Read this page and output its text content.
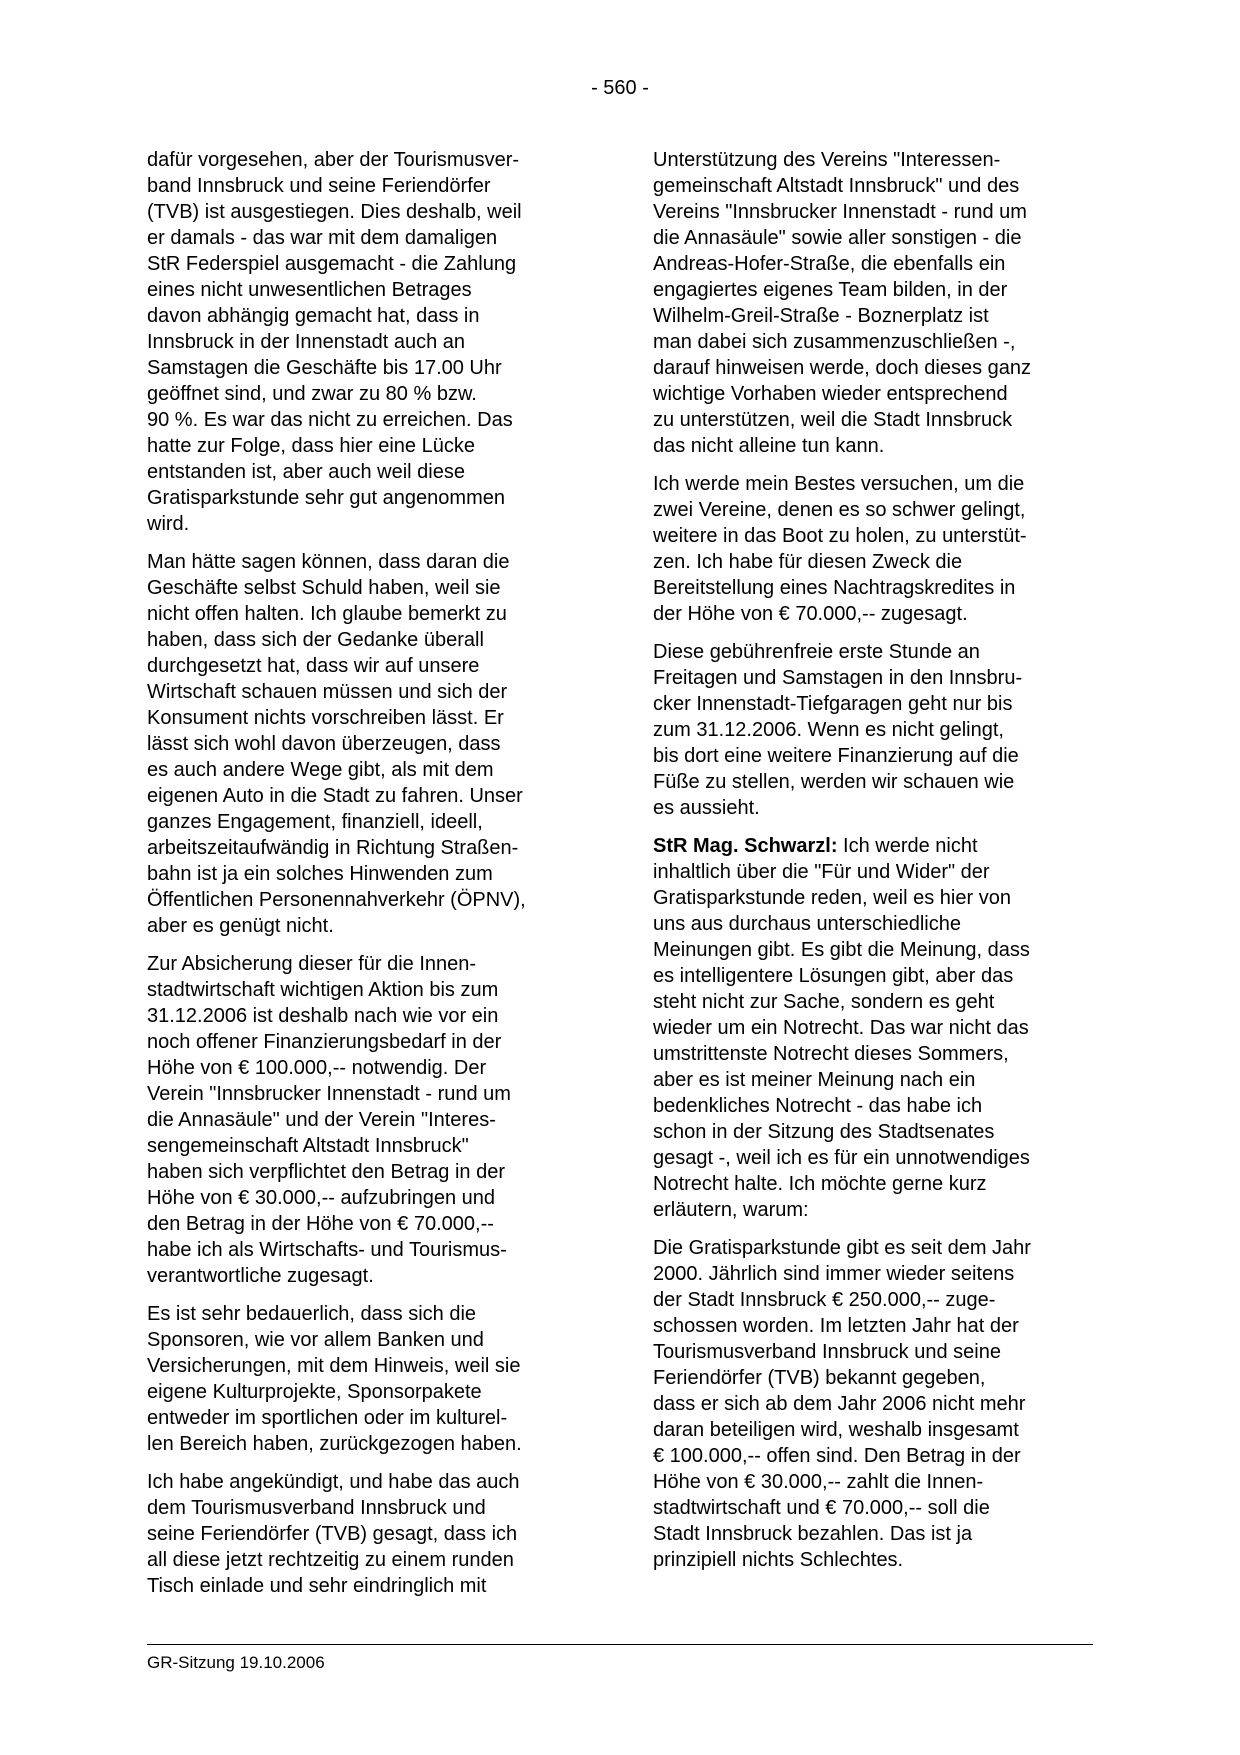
- 560 -

dafür vorgesehen, aber der Tourismusver-
band Innsbruck und seine Feriendörfer
(TVB) ist ausgestiegen. Dies deshalb, weil
er damals - das war mit dem damaligen
StR Federspiel ausgemacht - die Zahlung
eines nicht unwesentlichen Betrages
davon abhängig gemacht hat, dass in
Innsbruck in der Innenstadt auch an
Samstagen die Geschäfte bis 17.00 Uhr
geöffnet sind, und zwar zu 80 % bzw.
90 %. Es war das nicht zu erreichen. Das
hatte zur Folge, dass hier eine Lücke
entstanden ist, aber auch weil diese
Gratisparkstunde sehr gut angenommen
wird.

Man hätte sagen können, dass daran die
Geschäfte selbst Schuld haben, weil sie
nicht offen halten. Ich glaube bemerkt zu
haben, dass sich der Gedanke überall
durchgesetzt hat, dass wir auf unsere
Wirtschaft schauen müssen und sich der
Konsument nichts vorschreiben lässt. Er
lässt sich wohl davon überzeugen, dass
es auch andere Wege gibt, als mit dem
eigenen Auto in die Stadt zu fahren. Unser
ganzes Engagement, finanziell, ideell,
arbeitszeitaufwändig in Richtung Straßen-
bahn ist ja ein solches Hinwenden zum
Öffentlichen Personennahverkehr (ÖPNV),
aber es genügt nicht.

Zur Absicherung dieser für die Innen-
stadtwirtschaft wichtigen Aktion bis zum
31.12.2006 ist deshalb nach wie vor ein
noch offener Finanzierungsbedarf in der
Höhe von € 100.000,-- notwendig. Der
Verein "Innsbrucker Innenstadt - rund um
die Annasäule" und der Verein "Interes-
sengemeinschaft Altstadt Innsbruck"
haben sich verpflichtet den Betrag in der
Höhe von € 30.000,-- aufzubringen und
den Betrag in der Höhe von € 70.000,--
habe ich als Wirtschafts- und Tourismus-
verantwortliche zugesagt.

Es ist sehr bedauerlich, dass sich die
Sponsoren, wie vor allem Banken und
Versicherungen, mit dem Hinweis, weil sie
eigene Kulturprojekte, Sponsorpakete
entweder im sportlichen oder im kulturel-
len Bereich haben, zurückgezogen haben.

Ich habe angekündigt, und habe das auch
dem Tourismusverband Innsbruck und
seine Feriendörfer (TVB) gesagt, dass ich
all diese jetzt rechtzeitig zu einem runden
Tisch einlade und sehr eindringlich mit

Unterstützung des Vereins "Interessen-
gemeinschaft Altstadt Innsbruck" und des
Vereins "Innsbrucker Innenstadt - rund um
die Annasäule" sowie aller sonstigen - die
Andreas-Hofer-Straße, die ebenfalls ein
engagiertes eigenes Team bilden, in der
Wilhelm-Greil-Straße - Boznerplatz ist
man dabei sich zusammenzuschließen -,
darauf hinweisen werde, doch dieses ganz
wichtige Vorhaben wieder entsprechend
zu unterstützen, weil die Stadt Innsbruck
das nicht alleine tun kann.

Ich werde mein Bestes versuchen, um die
zwei Vereine, denen es so schwer gelingt,
weitere in das Boot zu holen, zu unterstüt-
zen. Ich habe für diesen Zweck die
Bereitstellung eines Nachtragskredites in
der Höhe von € 70.000,-- zugesagt.

Diese gebührenfreie erste Stunde an
Freitagen und Samstagen in den Innsbru-
cker Innenstadt-Tiefgaragen geht nur bis
zum 31.12.2006. Wenn es nicht gelingt,
bis dort eine weitere Finanzierung auf die
Füße zu stellen, werden wir schauen wie
es aussieht.

StR Mag. Schwarzl: Ich werde nicht
inhaltlich über die "Für und Wider" der
Gratisparkstunde reden, weil es hier von
uns aus durchaus unterschiedliche
Meinungen gibt. Es gibt die Meinung, dass
es intelligentere Lösungen gibt, aber das
steht nicht zur Sache, sondern es geht
wieder um ein Notrecht. Das war nicht das
umstrittenste Notrecht dieses Sommers,
aber es ist meiner Meinung nach ein
bedenkliches Notrecht - das habe ich
schon in der Sitzung des Stadtsenates
gesagt -, weil ich es für ein unnotwendiges
Notrecht halte. Ich möchte gerne kurz
erläutern, warum:

Die Gratisparkstunde gibt es seit dem Jahr
2000. Jährlich sind immer wieder seitens
der Stadt Innsbruck € 250.000,-- zuge-
schossen worden. Im letzten Jahr hat der
Tourismusverband Innsbruck und seine
Feriendörfer (TVB) bekannt gegeben,
dass er sich ab dem Jahr 2006 nicht mehr
daran beteiligen wird, weshalb insgesamt
€ 100.000,-- offen sind. Den Betrag in der
Höhe von € 30.000,-- zahlt die Innen-
stadtwirtschaft und € 70.000,-- soll die
Stadt Innsbruck bezahlen. Das ist ja
prinzipiell nichts Schlechtes.

GR-Sitzung 19.10.2006
